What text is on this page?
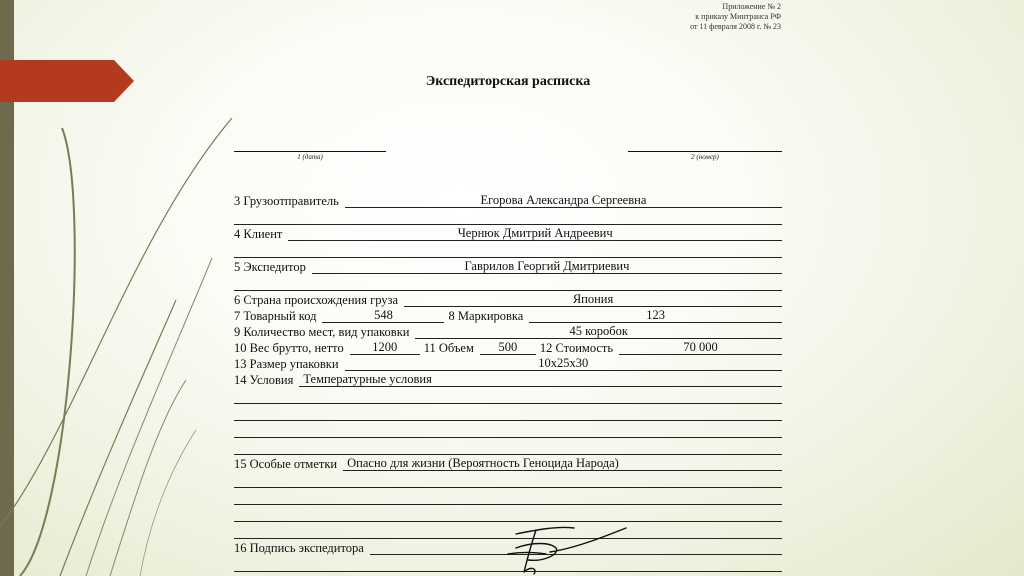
Приложение № 2
к приказу Минтранса РФ
от 11 февраля 2008 г. № 23
Экспедиторская расписка
1 (дата)	2 (номер)
3 Грузоотправитель	Егорова Александра Сергеевна
4 Клиент	Чернюк Дмитрий Андреевич
5 Экспедитор	Гаврилов Георгий Дмитриевич
6 Страна происхождения груза	Япония
7 Товарный код	548	8 Маркировка	123
9 Количество мест, вид упаковки	45 коробок
10 Вес брутто, нетто	1200	11 Объем	500	12 Стоимость	70 000
13 Размер упаковки	10x25x30
14 Условия Температурные условия
15 Особые отметки Опасно для жизни (Вероятность Геноцида Народа)
16 Подпись экспедитора
